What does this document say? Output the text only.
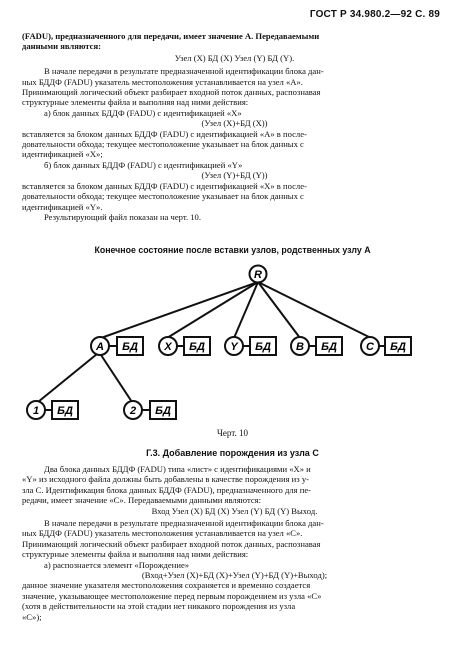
ГОСТ Р 34.980.2—92 С. 89

(FADU), предназначенного для передачи, имеет значение А. Передаваемыми

данными являются:

Узел (X) БД (X) Узел (Y) БД (Y).

В начале передачи в результате предназначенной идентификации блока дан-

ных БДДФ (FADU) указатель местоположения устанавливается на узел «А».

Принимающий логический объект разбирает входной поток данных, распознавая

структурные элементы файла и выполняя над ними действия:

а) блок данных БДДФ (FADU) с идентификацией «X»

(Узел (X)+БД (X))

вставляется за блоком данных БДДФ (FADU) с идентификацией «А» в после-

довательности обхода; текущее местоположение указывает на блок данных с

идентификацией «X»;

б) блок данных БДДФ (FADU) с идентификацией «Y»

(Узел (Y)+БД (Y))

вставляется за блоком данных БДДФ (FADU) с идентификацией «X» в после-

довательности обхода; текущее местоположение указывает на блок данных с

идентификацией «Y».

Результирующий файл показан на черт. 10.

Конечное состояние после вставки узлов, родственных узлу А
R
A БД X БД Y БД B БД	C БД
1 БД	2 БД
Черт. 10
Г.3. Добавление порождения из узла С

Два блока данных БДДФ (FADU) типа «лист» с идентификациями «X» и

«Y» из исходного файла должны быть добавлены в качестве порождения из у-

зла С. Идентификация блока данных БДДФ (FADU), предназначенного для пе-

редачи, имеет значение «С». Передаваемыми данными являются:

Вход Узел (X) БД (X) Узел (Y) БД (Y) Выход.

В начале передачи в результате предназначенной идентификации блока дан-

ных БДДФ (FADU) указатель местоположения устанавливается на узел «С».

Принимающий логический объект разбирает входной поток данных, распознавая

структурные элементы файла и выполняя над ними действия:

а) распознается элемент «Порождение»

(Вход+Узел (X)+БД (X)+Узел (Y)+БД (Y)+Выход);

данное значение указателя местоположения сохраняется и временно создается

значение, указывающее местоположение перед первым порождением из узла «С»

(хотя в действительности на этой стадии нет никакого порождения из узла

«С»);
